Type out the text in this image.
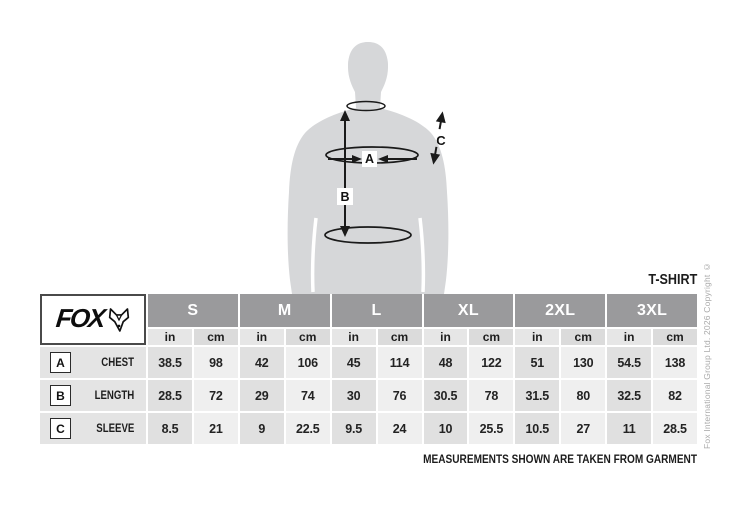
B
A
C
T-SHIRT
FOX	S	M	L	XL	2XL	3XL
in	cm	in	cm	in	cm	in	cm	in	cm	in	cm
A	CHEST	38.5	98	42	106	45	114	48	122	51	130	54.5	138
B	LENGTH	28.5	72	29	74	30	76	30.5	78	31.5	80	32.5	82
C	SLEEVE	8.5	21	9	22.5	9.5	24	10	25.5	10.5	27	11	28.5
MEASUREMENTS SHOWN ARE TAKEN FROM GARMENT
Fox International Group Ltd. 2026 Copyright ©
